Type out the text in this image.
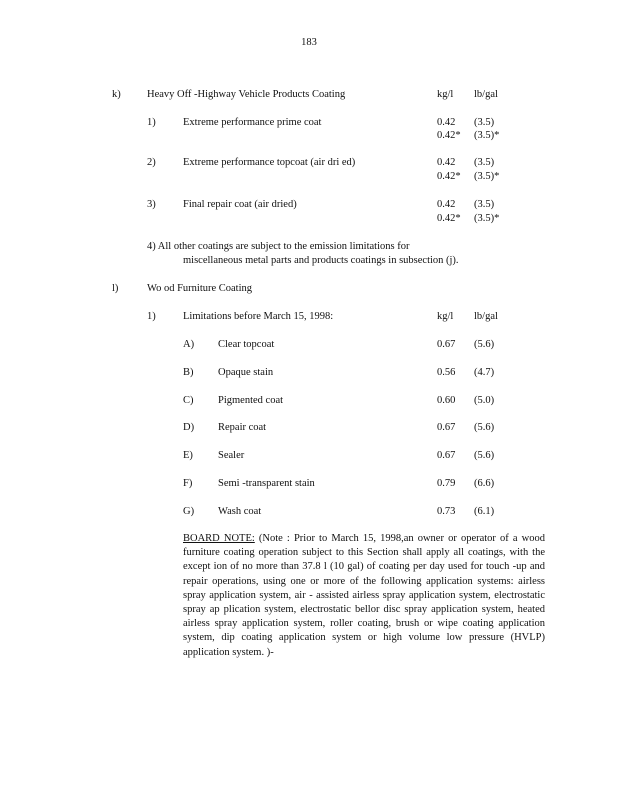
183
k)	Heavy Off -Highway Vehicle Products Coating	kg/l lb/gal
1)	Extreme performance prime coat	0.42 (3.5)
0.42* (3.5)*
2)	Extreme performance topcoat (air dri ed)	0.42 (3.5)
0.42* (3.5)*
3)	Final repair coat (air dried)	0.42 (3.5)
0.42* (3.5)*
4) All other coatings are subject to the emission limitations for
miscellaneous metal parts and products coatings in subsection (j).
l)	Wo od Furniture Coating
1)	Limitations before March 15, 1998:	kg/l lb/gal
A) Clear topcoat	0.67 (5.6)
B) Opaque stain	0.56 (4.7)
C) Pigmented coat	0.60 (5.0)
D) Repair coat	0.67 (5.6)
E) Sealer	0.67 (5.6)
F) Semi -transparent stain	0.79 (6.6)
G) Wash coat	0.73 (6.1)
BOARD NOTE: (Note : Prior to March 15, 1998,an owner or operator of a wood furniture coating operation subject to this Section shall apply all coatings, with the except ion of no more than 37.8 l (10 gal) of coating per day used for touch -up and repair operations, using one or more of the following application systems: airless spray application system, air - assisted airless spray application system, electrostatic spray ap plication system, electrostatic bellor disc spray application system, heated airless spray application system, roller coating, brush or wipe coating application system, dip coating application system or high volume low pressure (HVLP) application system. )-
